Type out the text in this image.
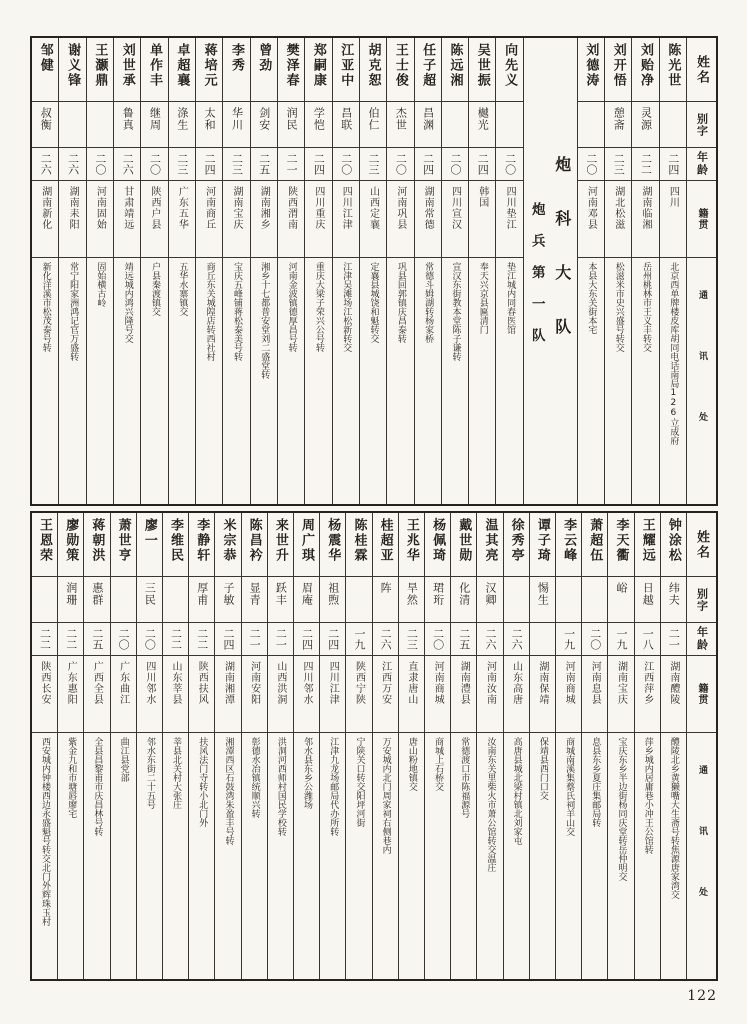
姓名
别字
年龄
籍贯
通讯处
陈光世
二四
四川
北京西单牌楼皮库胡同电话南局126立成府
刘贻净
灵源
二二
湖南临湘
岳州桃林市王义丰转交
刘开悟
憩斋
二三
湖北松滋
松滋米市史兴盛号转交
刘德涛
二〇
河南邓县
本县大东关街本宅
炮科大队
炮兵第一队
向先义
二〇
四川垫江
垫江城内同春医馆
吴世振
樾光
二四
韩国
奉天兴京县匾清门
陈远湘
二〇
四川宣汉
宣汉东街教本堂陈子谦转
任子超
昌渊
二四
湖南常德
常德斗姆湖转杨家桥
王士俊
杰世
二〇
河南巩县
巩县回郭镇庆昌泰转
胡克恕
伯仁
二三
山西定襄
定襄县城饶和魁转交
江亚中
昌联
二〇
四川江津
江津吴滩场江松新转交
郑嗣康
学恺
二四
四川重庆
重庆大梁子荣兴公号转
樊泽春
润民
二一
陕西渭南
河南金波镇德厚昌号转
曾劲
剑安
二五
湖南湘乡
湘乡十七都普安堂刘二盛堂转
李秀
华川
二三
湖南宝庆
宝庆五峰铺蒋松泰美号转
蒋培元
太和
二四
河南商丘
商丘东关城隍店转西社村
卓超襄
涤生
二三
广东五华
五华水寨镇交
单作丰
继周
二〇
陕西户县
户县秦渡镇交
刘世承
鲁真
二六
甘肃靖远
靖远城内鸿兴隆号交
王灏鼎
二〇
河南固始
固始横古岭
谢义锋
二六
湖南耒阳
常宁阳家洲鸿记官万盛转
邹健
叔衡
二六
湖南新化
新化洋溪市松茂泰号转
姓名
别字
年龄
籍贯
通讯处
钟涂松
纬夫
二一
湖南醴陵
醴陵北乡黄獭嘴大生斋号转焦源唐家湾交
王耀远
日越
一八
江西萍乡
萍乡城内居庸巷小冲王公馆转
李天衢
峪
一九
湖南宝庆
宝庆东乡半边街杨同庆堂转岳仲明交
萧超伍
二〇
河南息县
息县东乡夏庄集邮局转
李云峰
一九
河南商城
商城南溪集蔡氏祠羊山交
谭子琦
惕生
湖南保靖
保靖县西门口交
徐秀亭
二六
山东高唐
高唐县城北梁村镇北刘家屯
温其亮
汉卿
二六
河南汝南
汝南东关里柴火市萧公馆转交温庄
戴世勋
化清
二五
湖南澧县
常德渡口市陈福源号
杨佩琦
珺珩
二〇
河南商城
商城上石桥交
王兆华
旱然
二三
直隶唐山
唐山粉地镇交
桂超亚
阵
二六
江西万安
万安城内北门周家祠右侧巷内
陈桂霖
一九
陕西宁陕
宁陕关口转交阳坪河街
杨震华
祖煦
二四
四川江津
江津九龙场邮局代办所转
周广琪
眉庵
二四
四川邻水
邻水县东乡公潍场
来世升
跃丰
二一
山西洪洞
洪洞河西师村国民学校转
陈昌衿
显青
二一
河南安阳
彰德水冶镇统顺兴转
米宗恭
子敏
二四
湖南湘潭
湘潭西区石鼓湾朱盈丰号转
李静轩
厚甫
二二
陕西扶风
扶风法门寺转小北门外
李维民
二二
山东莘县
莘县北关村大张庄
廖一
三民
二〇
四川邻水
邻水东街二十五号
萧世亨
二〇
广东曲江
曲江县党部
蒋朝洪
惠群
二五
广西全县
全县昌黎甫市庆昌林号转
廖勋策
润珊
二二
广东惠阳
紫金九和市塘唇廖宅
王恩荣
二二
陕西长安
西安城内钟楼西边永盛魁号转交北门外辉珠玉村
122
